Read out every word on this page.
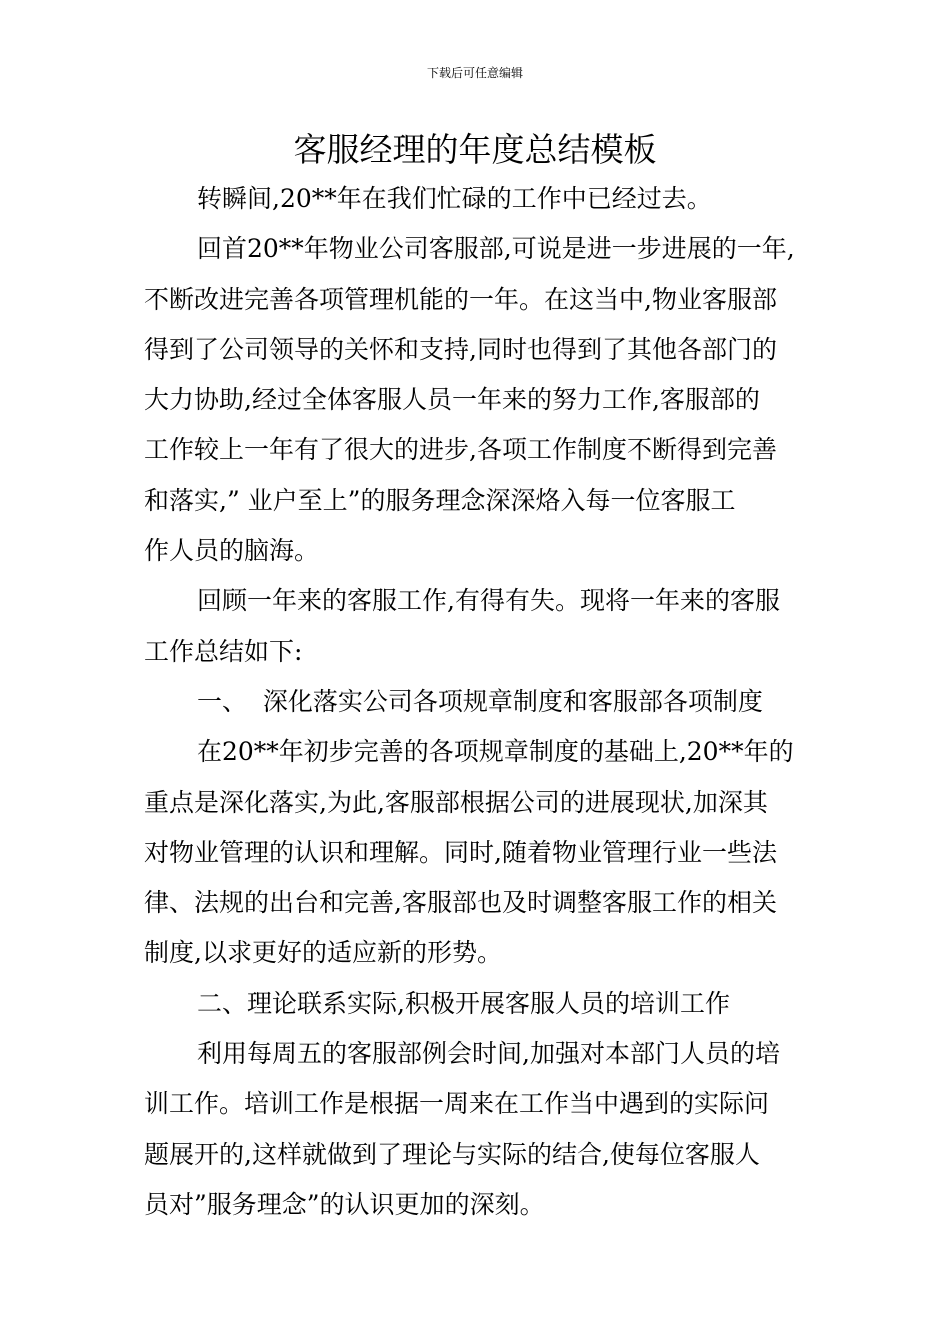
下载后可任意编辑
客服经理的年度总结模板
转瞬间,20**年在我们忙碌的工作中已经过去。
回首20**年物业公司客服部,可说是进一步进展的一年,
不断改进完善各项管理机能的一年。在这当中,物业客服部
得到了公司领导的关怀和支持,同时也得到了其他各部门的
大力协助,经过全体客服人员一年来的努力工作,客服部的
工作较上一年有了很大的进步,各项工作制度不断得到完善
和落实,” 业户至上”的服务理念深深烙入每一位客服工
作人员的脑海。
回顾一年来的客服工作,有得有失。现将一年来的客服
工作总结如下:
一、  深化落实公司各项规章制度和客服部各项制度
在20**年初步完善的各项规章制度的基础上,20**年的
重点是深化落实,为此,客服部根据公司的进展现状,加深其
对物业管理的认识和理解。同时,随着物业管理行业一些法
律、法规的出台和完善,客服部也及时调整客服工作的相关
制度,以求更好的适应新的形势。
二、理论联系实际,积极开展客服人员的培训工作
利用每周五的客服部例会时间,加强对本部门人员的培
训工作。培训工作是根据一周来在工作当中遇到的实际问
题展开的,这样就做到了理论与实际的结合,使每位客服人
员对”服务理念”的认识更加的深刻。
